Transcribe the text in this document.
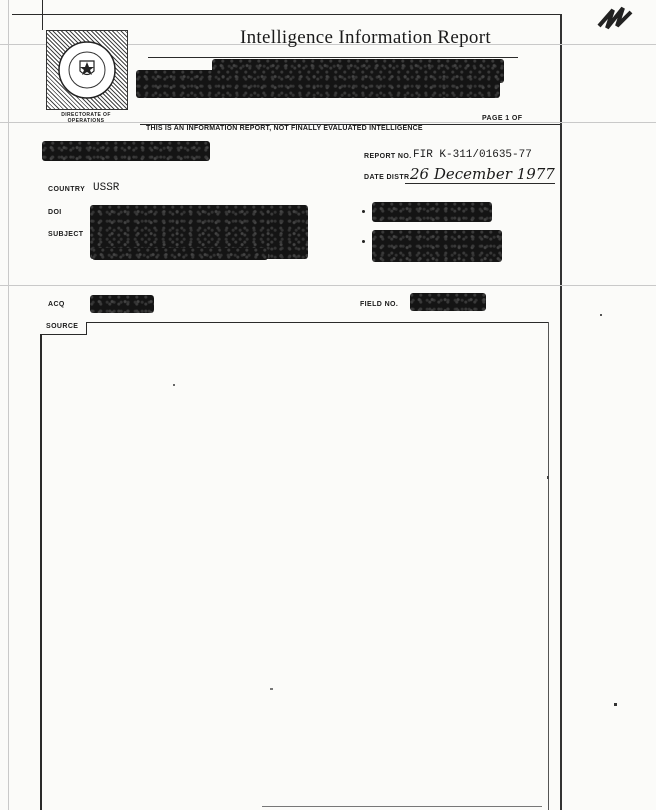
DIRECTORATE OF OPERATIONS
Intelligence Information Report
PAGE 1 OF
THIS IS AN INFORMATION REPORT, NOT FINALLY EVALUATED INTELLIGENCE
REPORT NO. FIR K-311/01635-77
DATE DISTR.
26 December 1977
COUNTRY USSR
DOI
SUBJECT
ACQ	FIELD NO.
SOURCE
